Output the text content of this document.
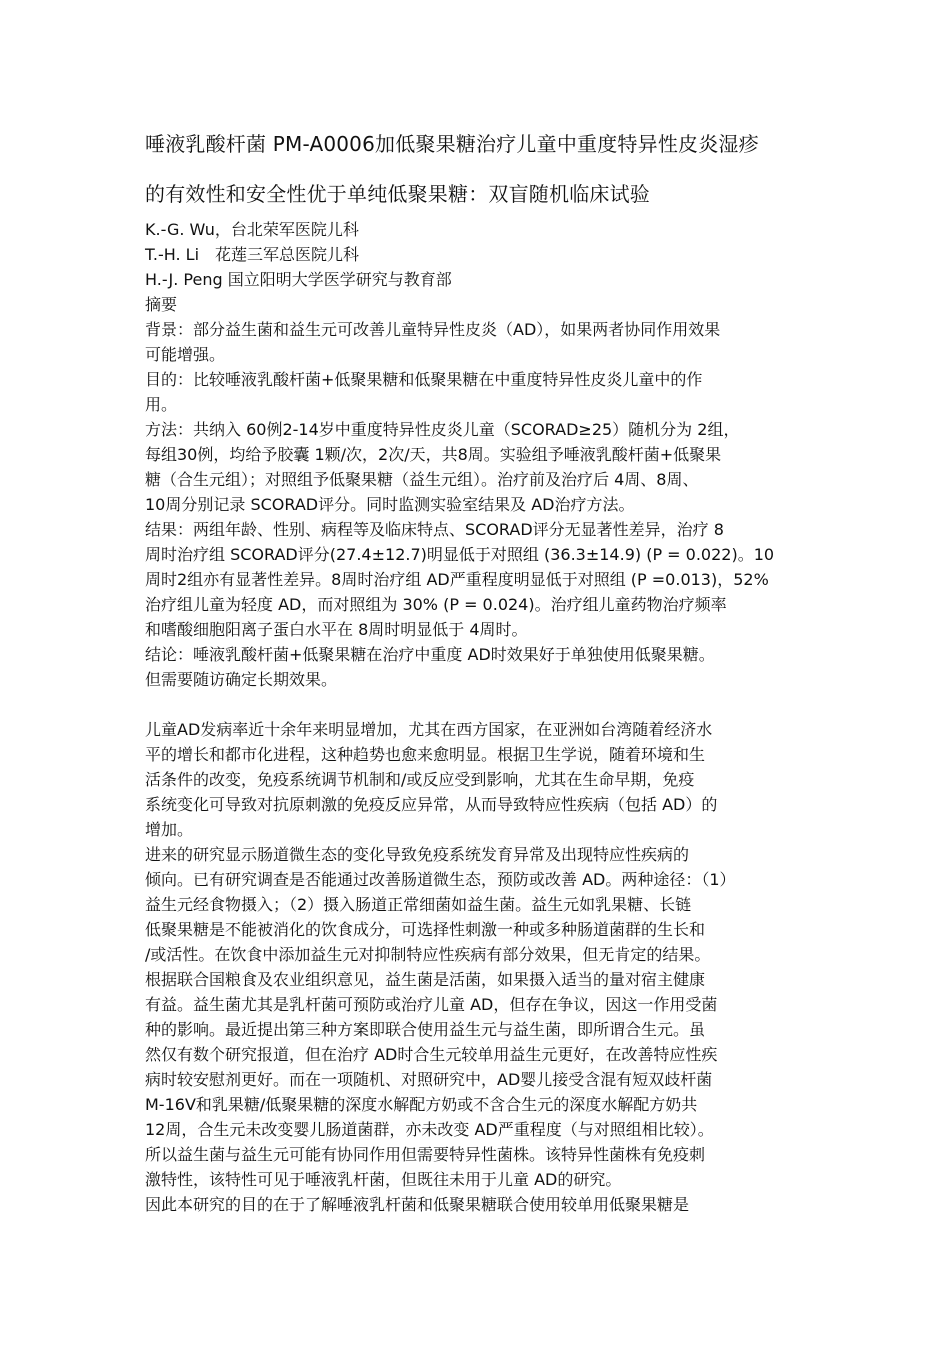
唾液乳酸杆菌 PM-A0006加低聚果糖治疗儿童中重度特异性皮炎湿疹
的有效性和安全性优于单纯低聚果糖：双盲随机临床试验
K.-G. Wu，台北荣军医院儿科
T.-H. Li　花莲三军总医院儿科
H.-J. Peng 国立阳明大学医学研究与教育部
摘要
背景：部分益生菌和益生元可改善儿童特异性皮炎（AD），如果两者协同作用效果
可能增强。
目的：比较唾液乳酸杆菌+低聚果糖和低聚果糖在中重度特异性皮炎儿童中的作
用。
方法：共纳入 60例2-14岁中重度特异性皮炎儿童（SCORAD≥25）随机分为 2组，
每组30例，均给予胶囊 1颗/次，2次/天，共8周。实验组予唾液乳酸杆菌+低聚果
糖（合生元组）；对照组予低聚果糖（益生元组）。治疗前及治疗后 4周、8周、
10周分别记录 SCORAD评分。同时监测实验室结果及 AD治疗方法。
结果：两组年龄、性别、病程等及临床特点、SCORAD评分无显著性差异，治疗 8
周时治疗组 SCORAD评分(27.4±12.7)明显低于对照组 (36.3±14.9) (P = 0.022)。10
周时2组亦有显著性差异。8周时治疗组 AD严重程度明显低于对照组 (P =0.013)，52%
治疗组儿童为轻度 AD，而对照组为 30% (P = 0.024)。治疗组儿童药物治疗频率
和嗜酸细胞阳离子蛋白水平在 8周时明显低于 4周时。
结论：唾液乳酸杆菌+低聚果糖在治疗中重度 AD时效果好于单独使用低聚果糖。
但需要随访确定长期效果。
儿童AD发病率近十余年来明显增加，尤其在西方国家，在亚洲如台湾随着经济水
平的增长和都市化进程，这种趋势也愈来愈明显。根据卫生学说，随着环境和生
活条件的改变，免疫系统调节机制和/或反应受到影响，尤其在生命早期，免疫
系统变化可导致对抗原刺激的免疫反应异常，从而导致特应性疾病（包括 AD）的
增加。
进来的研究显示肠道微生态的变化导致免疫系统发育异常及出现特应性疾病的
倾向。已有研究调查是否能通过改善肠道微生态，预防或改善 AD。两种途径：（1）
益生元经食物摄入；（2）摄入肠道正常细菌如益生菌。益生元如乳果糖、长链
低聚果糖是不能被消化的饮食成分，可选择性刺激一种或多种肠道菌群的生长和
/或活性。在饮食中添加益生元对抑制特应性疾病有部分效果，但无肯定的结果。
根据联合国粮食及农业组织意见，益生菌是活菌，如果摄入适当的量对宿主健康
有益。益生菌尤其是乳杆菌可预防或治疗儿童 AD，但存在争议，因这一作用受菌
种的影响。最近提出第三种方案即联合使用益生元与益生菌，即所谓合生元。虽
然仅有数个研究报道，但在治疗 AD时合生元较单用益生元更好，在改善特应性疾
病时较安慰剂更好。而在一项随机、对照研究中，AD婴儿接受含混有短双歧杆菌
M-16V和乳果糖/低聚果糖的深度水解配方奶或不含合生元的深度水解配方奶共
12周，合生元未改变婴儿肠道菌群，亦未改变 AD严重程度（与对照组相比较）。
所以益生菌与益生元可能有协同作用但需要特异性菌株。该特异性菌株有免疫刺
激特性，该特性可见于唾液乳杆菌，但既往未用于儿童 AD的研究。
因此本研究的目的在于了解唾液乳杆菌和低聚果糖联合使用较单用低聚果糖是
